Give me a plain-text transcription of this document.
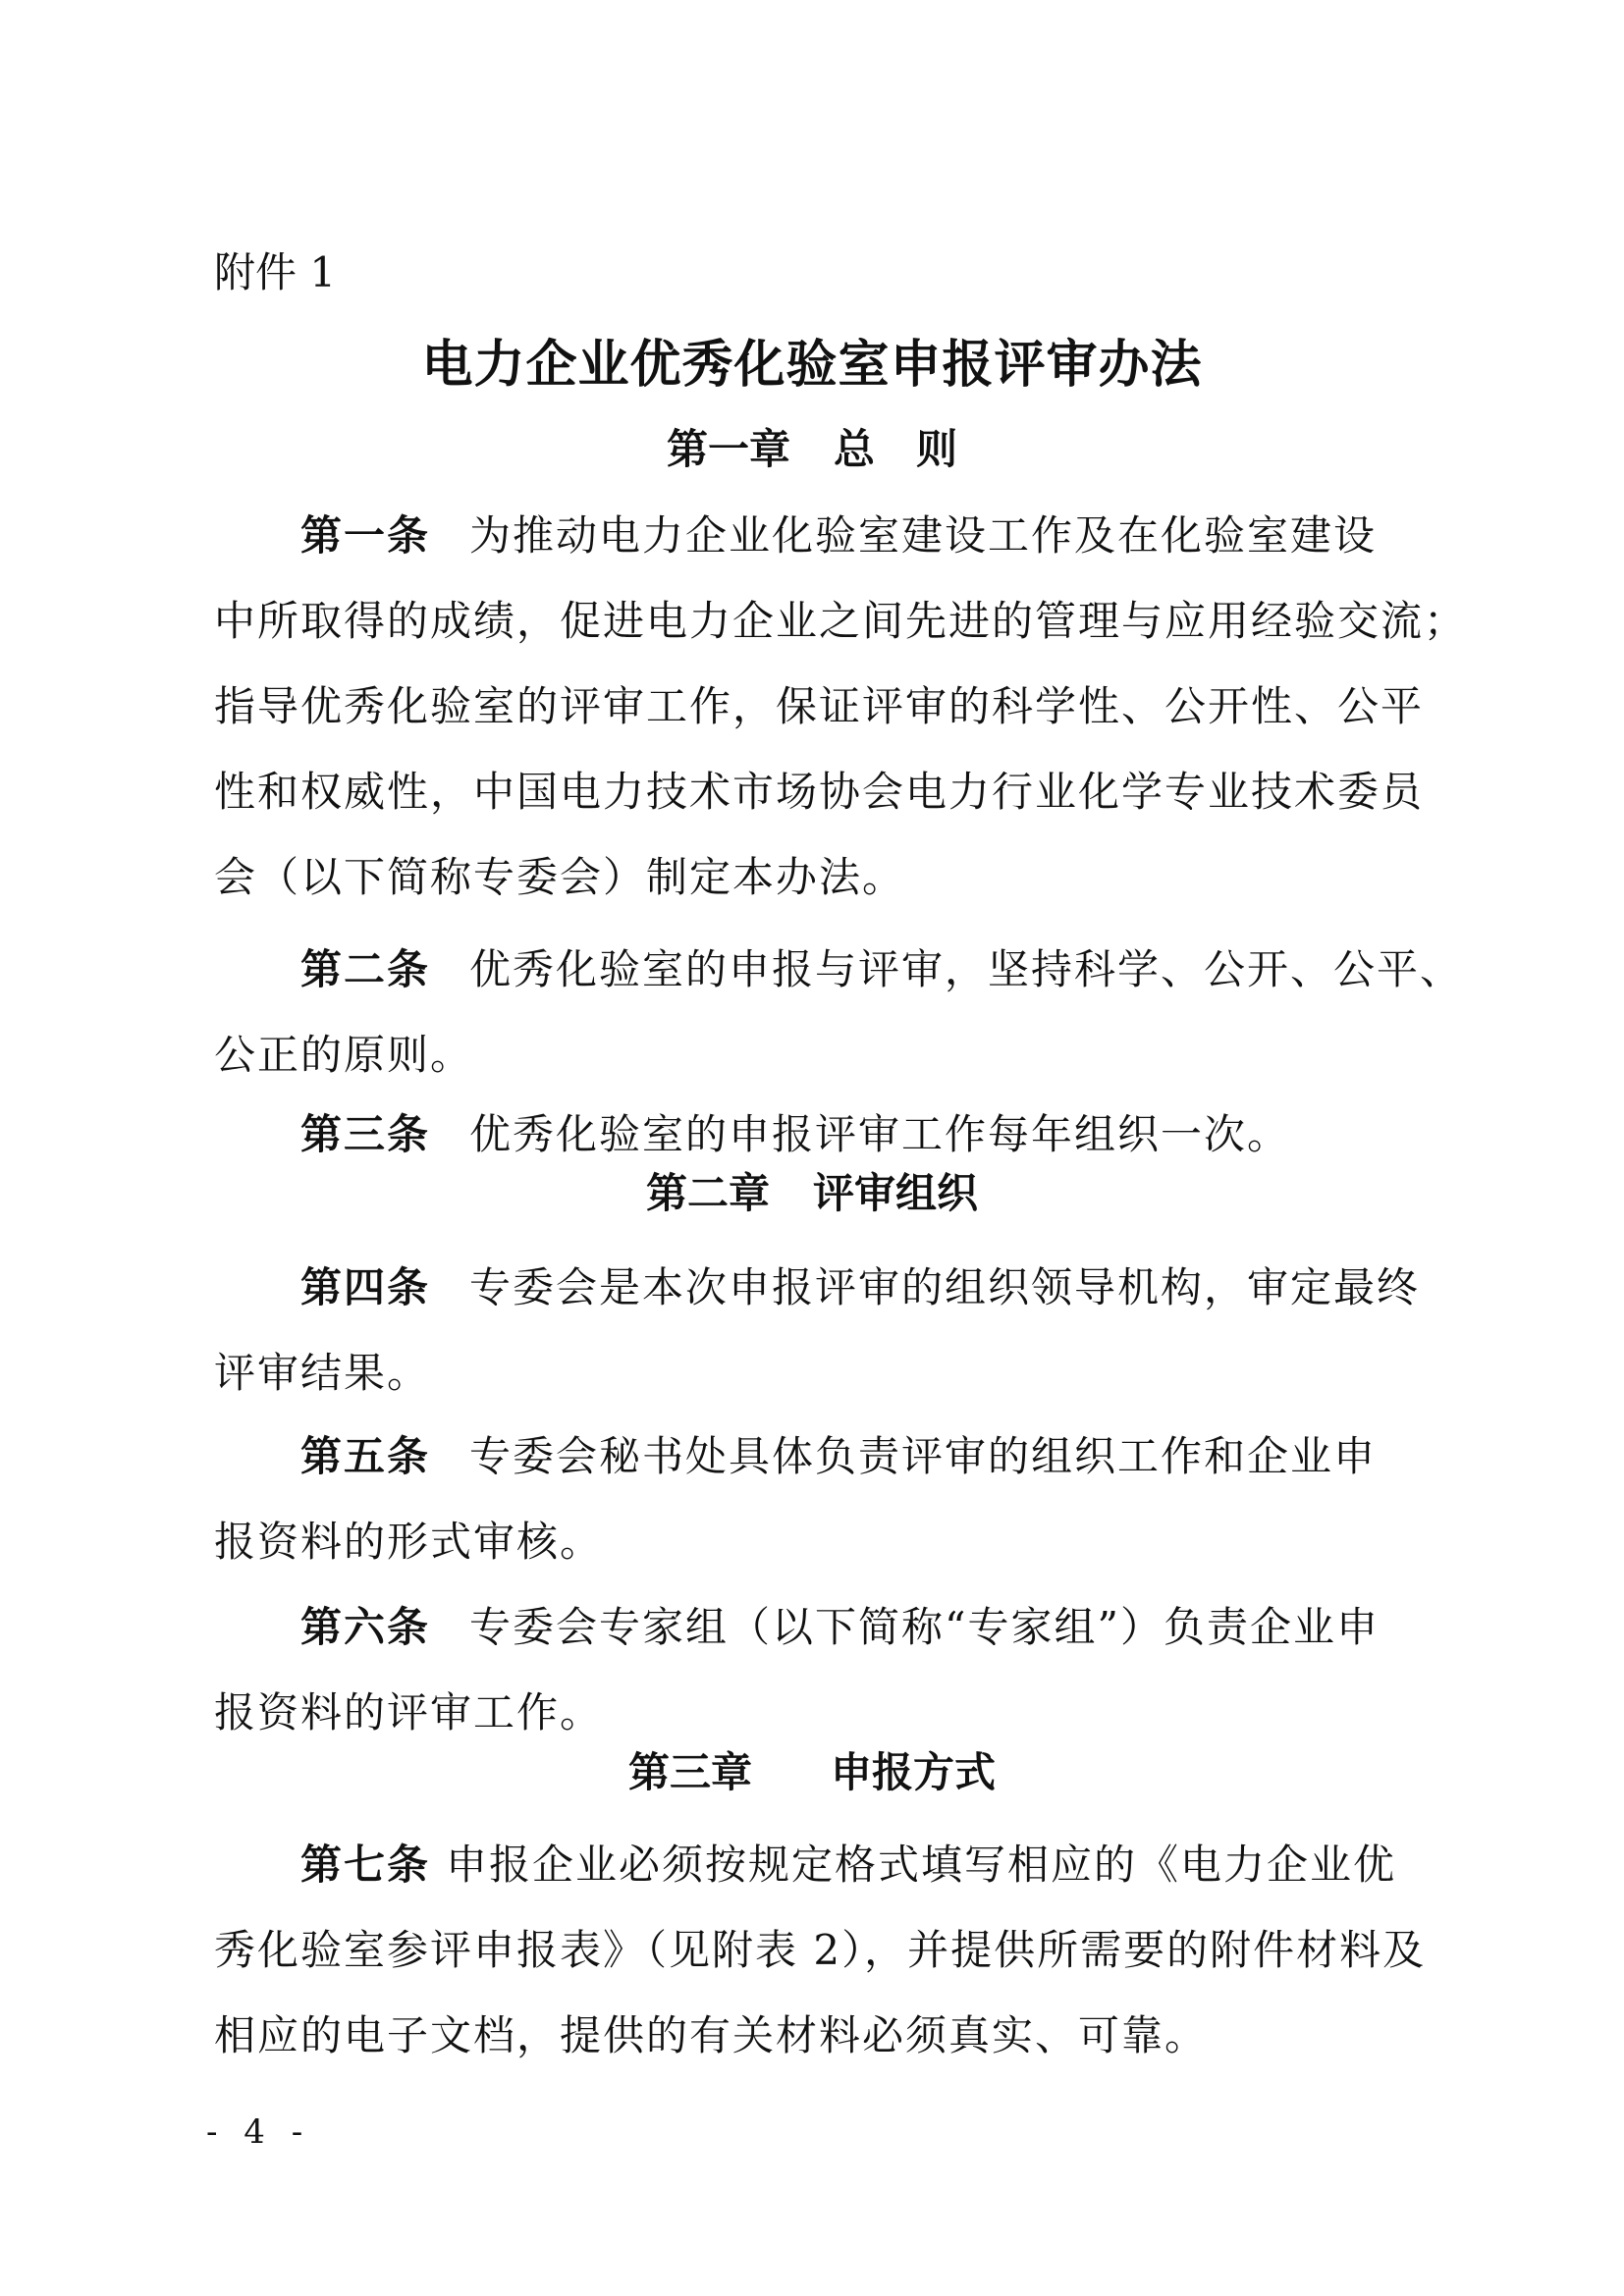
附件 1
电力企业优秀化验室申报评审办法
第一章 总　则
第一条 为推动电力企业化验室建设工作及在化验室建设
中所取得的成绩，促进电力企业之间先进的管理与应用经验交流；
指导优秀化验室的评审工作，保证评审的科学性、公开性、公平
性和权威性，中国电力技术市场协会电力行业化学专业技术委员
会（以下简称专委会）制定本办法。
第二条 优秀化验室的申报与评审，坚持科学、公开、公平、
公正的原则。
第三条 优秀化验室的申报评审工作每年组织一次。
第二章 评审组织
第四条 专委会是本次申报评审的组织领导机构，审定最终
评审结果。
第五条 专委会秘书处具体负责评审的组织工作和企业申
报资料的形式审核。
第六条 专委会专家组（以下简称“专家组”）负责企业申
报资料的评审工作。
第三章 申报方式
第七条 申报企业必须按规定格式填写相应的《电力企业优
秀化验室参评申报表》（见附表 2），并提供所需要的附件材料及
相应的电子文档，提供的有关材料必须真实、可靠。
- 4 -
